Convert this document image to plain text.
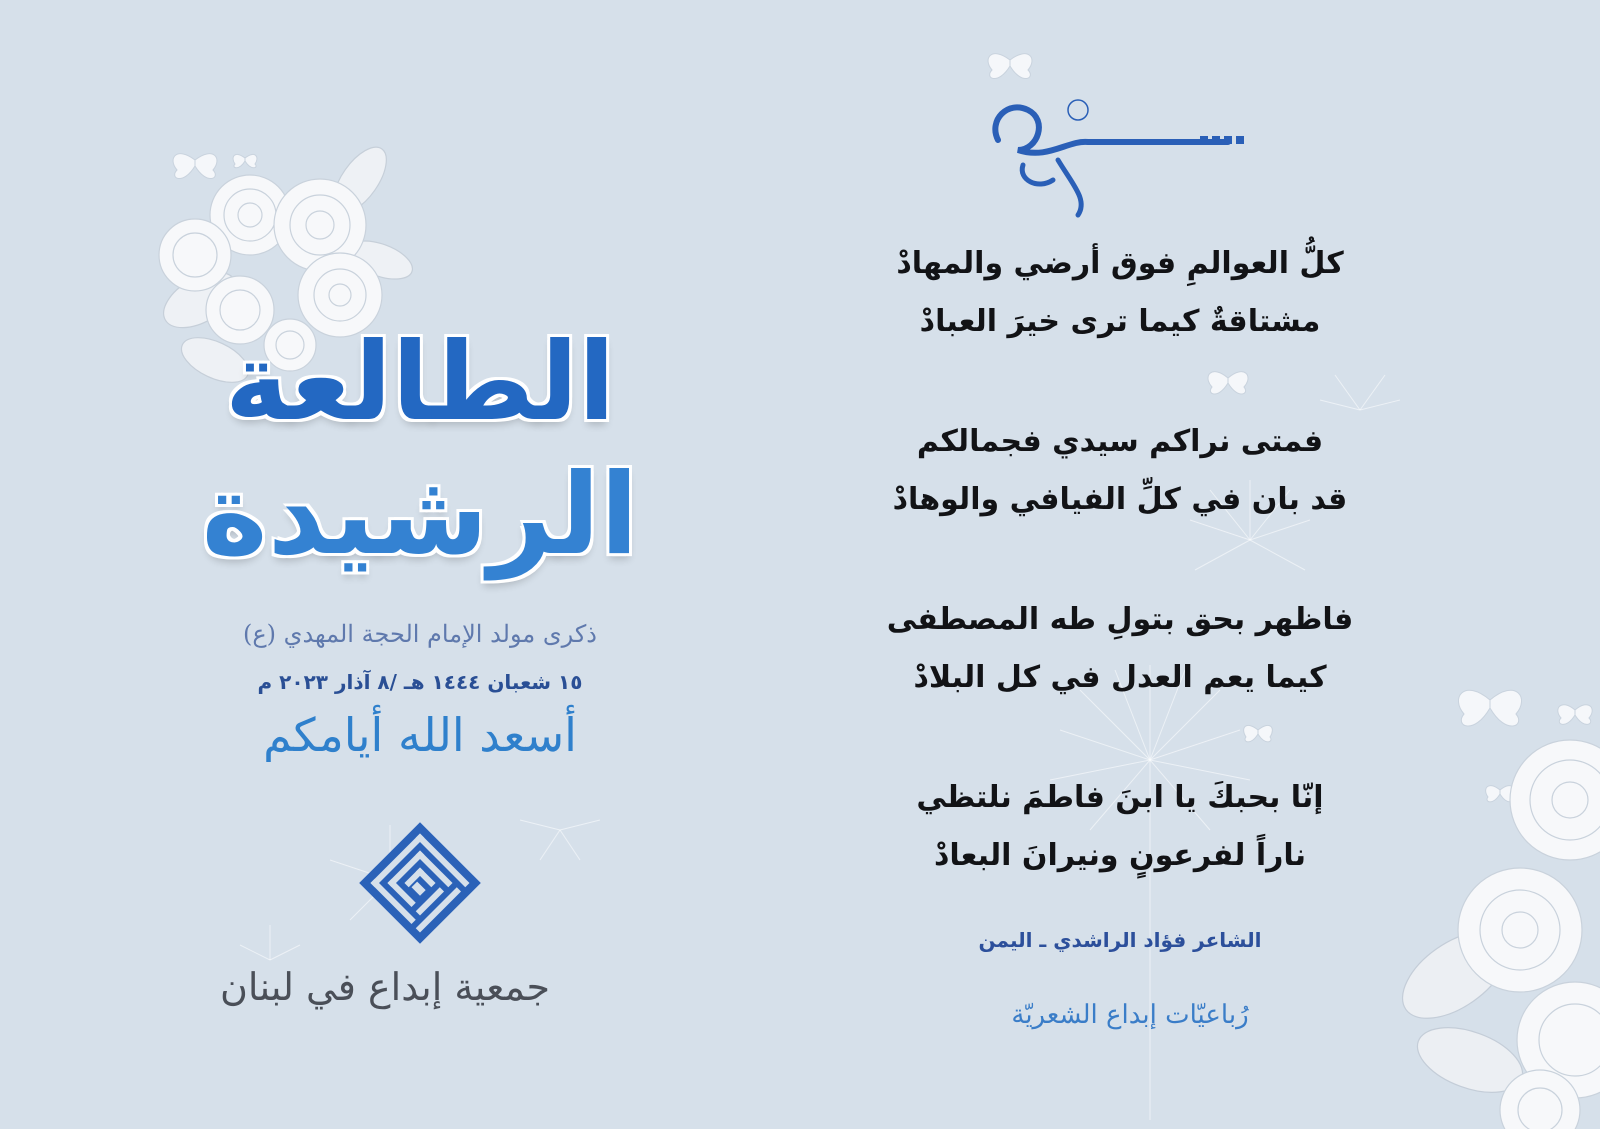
الطالعة
الرشيدة
ذكرى مولد الإمام الحجة المهدي (ع)
١٥ شعبان ١٤٤٤ هـ /٨ آذار ٢٠٢٣ م
أسعد الله أيامكم
جمعية إبداع في لبنان
كلُّ العوالمِ فوق أرضي والمهادْ
مشتاقةٌ كيما ترى خيرَ العبادْ
فمتى نراكم سيدي فجمالكم
قد بان في كلِّ الفيافي والوهادْ
فاظهر بحق بتولِ طه المصطفى
كيما يعم العدل في كل البلادْ
إنّا بحبكَ يا ابنَ فاطمَ نلتظي
ناراً لفرعونٍ ونيرانَ البعادْ
الشاعر فؤاد الراشدي ـ اليمن
رُباعيّات إبداع الشعريّة
